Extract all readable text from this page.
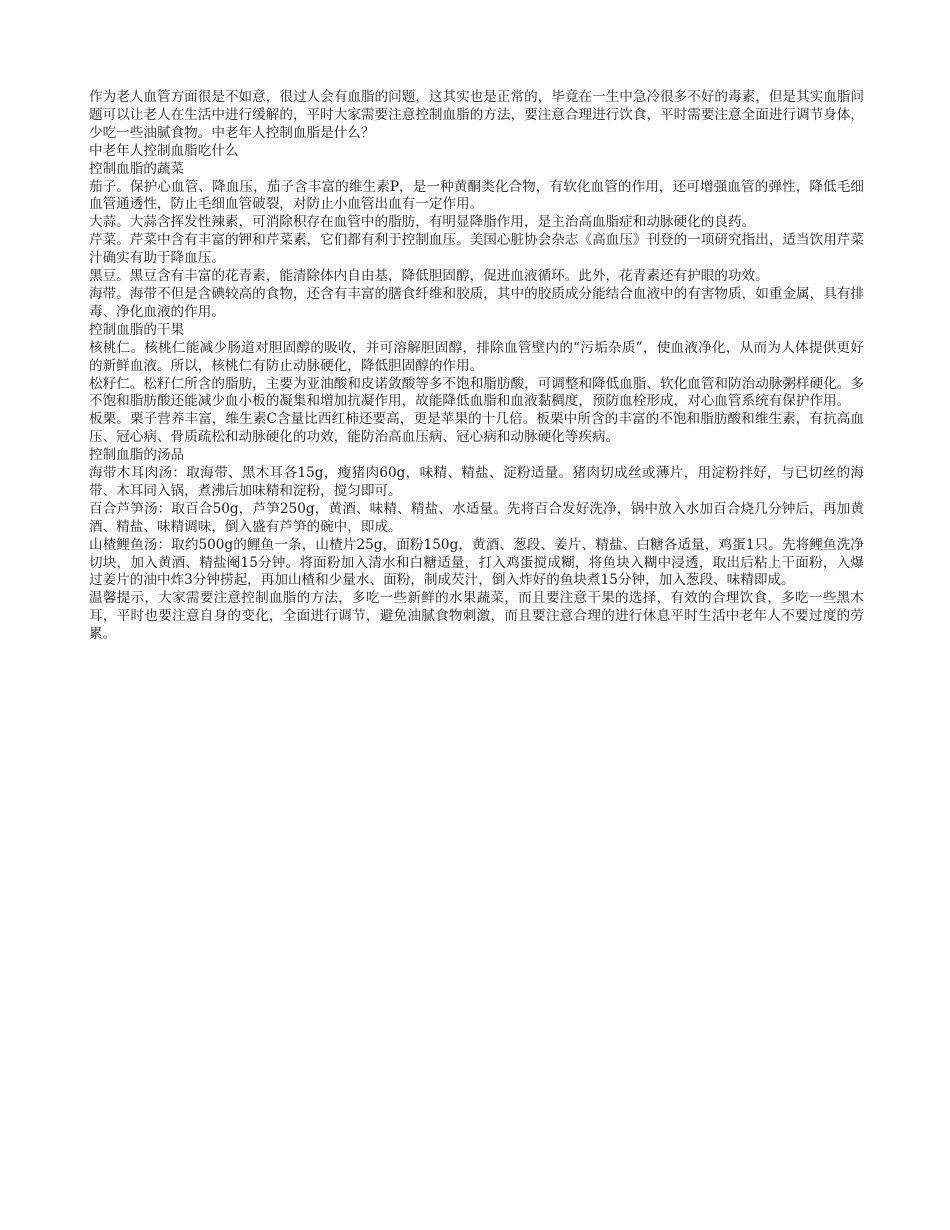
作为老人血管方面很是不如意，很过人会有血脂的问题，这其实也是正常的，毕竟在一生中急冷很多不好的毒素，但是其实血脂问题可以让老人在生活中进行缓解的，平时大家需要注意控制血脂的方法，要注意合理进行饮食，平时需要注意全面进行调节身体，少吃一些油腻食物。中老年人控制血脂是什么？

中老年人控制血脂吃什么
控制血脂的蔬菜

茄子。保护心血管、降血压，茄子含丰富的维生素P，是一种黄酮类化合物，有软化血管的作用，还可增强血管的弹性，降低毛细血管通透性，防止毛细血管破裂，对防止小血管出血有一定作用。

大蒜。大蒜含挥发性辣素，可消除积存在血管中的脂肪，有明显降脂作用，是主治高血脂症和动脉硬化的良药。

芹菜。芹菜中含有丰富的钾和芹菜素，它们都有利于控制血压。美国心脏协会杂志《高血压》刊登的一项研究指出，适当饮用芹菜汁确实有助于降血压。

黑豆。黑豆含有丰富的花青素，能清除体内自由基，降低胆固醇，促进血液循环。此外，花青素还有护眼的功效。

海带。海带不但是含碘较高的食物，还含有丰富的膳食纤维和胶质，其中的胶质成分能结合血液中的有害物质，如重金属，具有排毒、净化血液的作用。

控制血脂的干果

核桃仁。核桃仁能减少肠道对胆固醇的吸收，并可溶解胆固醇，排除血管壁内的“污垢杂质”，使血液净化，从而为人体提供更好的新鲜血液。所以，核桃仁有防止动脉硬化，降低胆固醇的作用。

松籽仁。松籽仁所含的脂肪，主要为亚油酸和皮诺敛酸等多不饱和脂肪酸，可调整和降低血脂、软化血管和防治动脉粥样硬化。多不饱和脂肪酸还能减少血小板的凝集和增加抗凝作用，故能降低血脂和血液黏稠度，预防血栓形成，对心血管系统有保护作用。

板栗。栗子营养丰富，维生素C含量比西红柿还要高，更是苹果的十几倍。板栗中所含的丰富的不饱和脂肪酸和维生素，有抗高血压、冠心病、骨质疏松和动脉硬化的功效，能防治高血压病、冠心病和动脉硬化等疾病。

控制血脂的汤品

海带木耳肉汤：取海带、黑木耳各15g，瘦猪肉60g，味精、精盐、淀粉适量。猪肉切成丝或薄片，用淀粉拌好，与已切丝的海带、木耳同入锅，煮沸后加味精和淀粉，搅匀即可。

百合芦笋汤：取百合50g，芦笋250g，黄酒、味精、精盐、水适量。先将百合发好洗净，锅中放入水加百合烧几分钟后，再加黄酒、精盐、味精调味，倒入盛有芦笋的碗中，即成。

山楂鲤鱼汤：取约500g的鲤鱼一条，山楂片25g，面粉150g，黄酒、葱段、姜片、精盐、白糖各适量，鸡蛋1只。先将鲤鱼洗净切块，加入黄酒、精盐阉15分钟。将面粉加入清水和白糖适量，打入鸡蛋搅成糊，将鱼块入糊中浸透，取出后粘上干面粉，入爆过姜片的油中炸3分钟捞起，再加山楂和少量水、面粉，制成芡汁，倒入炸好的鱼块煮15分钟，加入葱段、味精即成。

温馨提示，大家需要注意控制血脂的方法，多吃一些新鲜的水果蔬菜，而且要注意干果的选择，有效的合理饮食，多吃一些黑木耳，平时也要注意自身的变化，全面进行调节，避免油腻食物刺激，而且要注意合理的进行休息平时生活中老年人不要过度的劳累。
